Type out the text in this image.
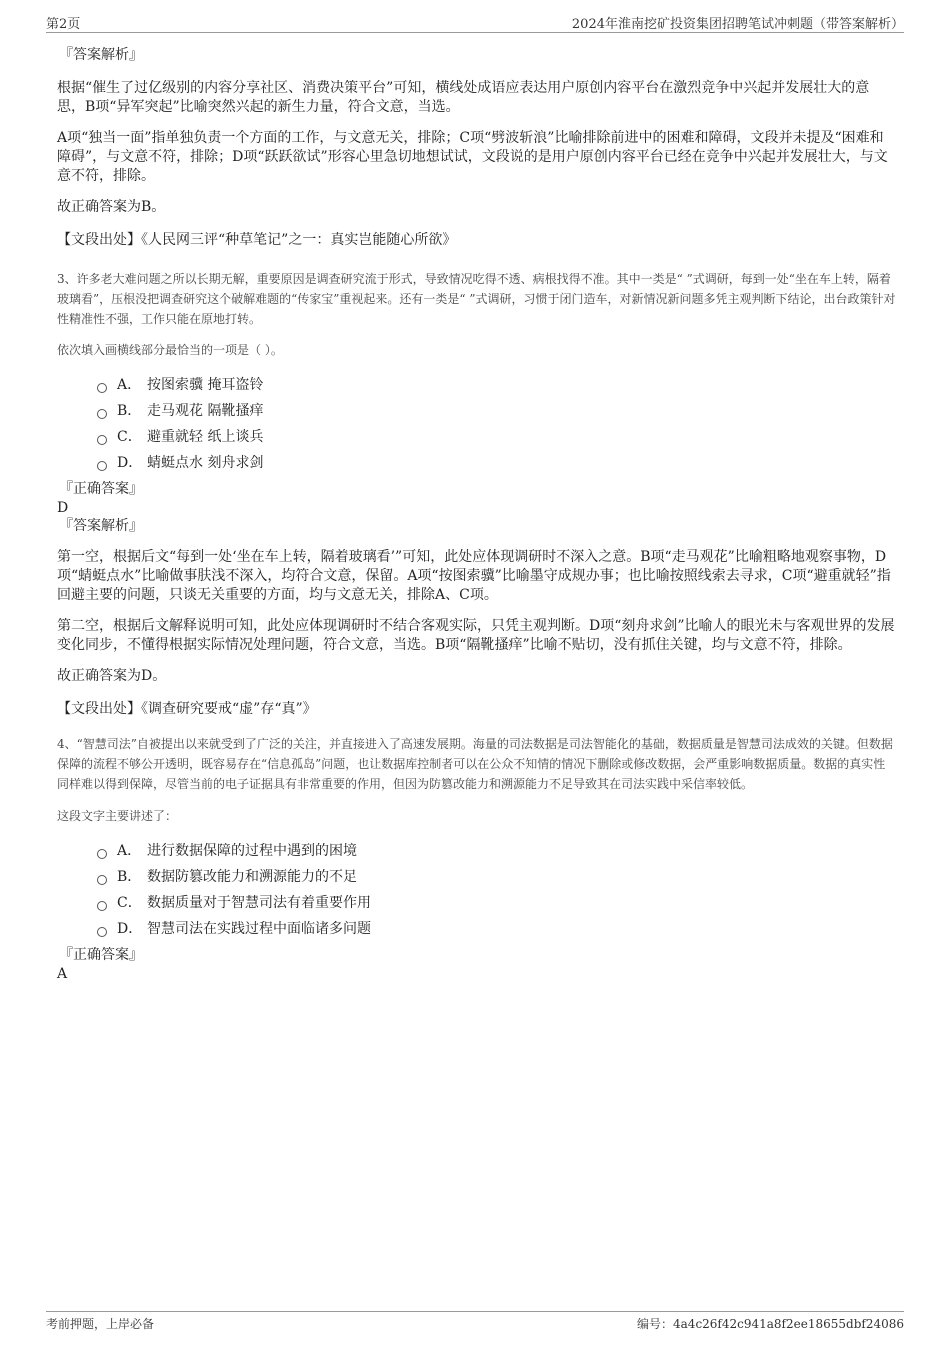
第2页	2024年淮南挖矿投资集团招聘笔试冲刺题（带答案解析）
『答案解析』

根据“催生了过亿级别的内容分享社区、消费决策平台”可知，横线处成语应表达用户原创内容平台在激烈竞争中兴起并发展壮大的意思，B项“异军突起”比喻突然兴起的新生力量，符合文意，当选。

A项“独当一面”指单独负责一个方面的工作，与文意无关，排除；C项“劈波斩浪”比喻排除前进中的困难和障碍，文段并未提及“困难和障碍”，与文意不符，排除；D项“跃跃欲试”形容心里急切地想试试，文段说的是用户原创内容平台已经在竞争中兴起并发展壮大，与文意不符，排除。

故正确答案为B。

【文段出处】《人民网三评“种草笔记”之一：真实岂能随心所欲》

3、许多老大难问题之所以长期无解，重要原因是调查研究流于形式，导致情况吃得不透、病根找得不准。其中一类是“ ”式调研，每到一处“坐在车上转，隔着玻璃看”，压根没把调查研究这个破解难题的“传家宝”重视起来。还有一类是“ ”式调研，习惯于闭门造车，对新情况新问题多凭主观判断下结论，出台政策针对性精准性不强，工作只能在原地打转。

依次填入画横线部分最恰当的一项是（ ）。

A． 按图索骥 掩耳盗铃
B． 走马观花 隔靴搔痒
C． 避重就轻 纸上谈兵
D． 蜻蜓点水 刻舟求剑
『正确答案』
D
『答案解析』

第一空，根据后文“每到一处‘坐在车上转，隔着玻璃看’”可知，此处应体现调研时不深入之意。B项“走马观花”比喻粗略地观察事物，D项“蜻蜓点水”比喻做事肤浅不深入，均符合文意，保留。A项“按图索骥”比喻墨守成规办事；也比喻按照线索去寻求，C项“避重就轻”指回避主要的问题，只谈无关重要的方面，均与文意无关，排除A、C项。

第二空，根据后文解释说明可知，此处应体现调研时不结合客观实际，只凭主观判断。D项“刻舟求剑”比喻人的眼光未与客观世界的发展变化同步，不懂得根据实际情况处理问题，符合文意，当选。B项“隔靴搔痒”比喻不贴切，没有抓住关键，均与文意不符，排除。

故正确答案为D。

【文段出处】《调查研究要戒“虚”存“真”》

4、“智慧司法”自被提出以来就受到了广泛的关注，并直接进入了高速发展期。海量的司法数据是司法智能化的基础，数据质量是智慧司法成效的关键。但数据保障的流程不够公开透明，既容易存在“信息孤岛”问题，也让数据库控制者可以在公众不知情的情况下删除或修改数据，会严重影响数据质量。数据的真实性同样难以得到保障，尽管当前的电子证据具有非常重要的作用，但因为防篡改能力和溯源能力不足导致其在司法实践中采信率较低。

这段文字主要讲述了：

A． 进行数据保障的过程中遇到的困境
B． 数据防篡改能力和溯源能力的不足
C． 数据质量对于智慧司法有着重要作用
D． 智慧司法在实践过程中面临诸多问题
『正确答案』
A
考前押题，上岸必备	编号：4a4c26f42c941a8f2ee18655dbf24086
